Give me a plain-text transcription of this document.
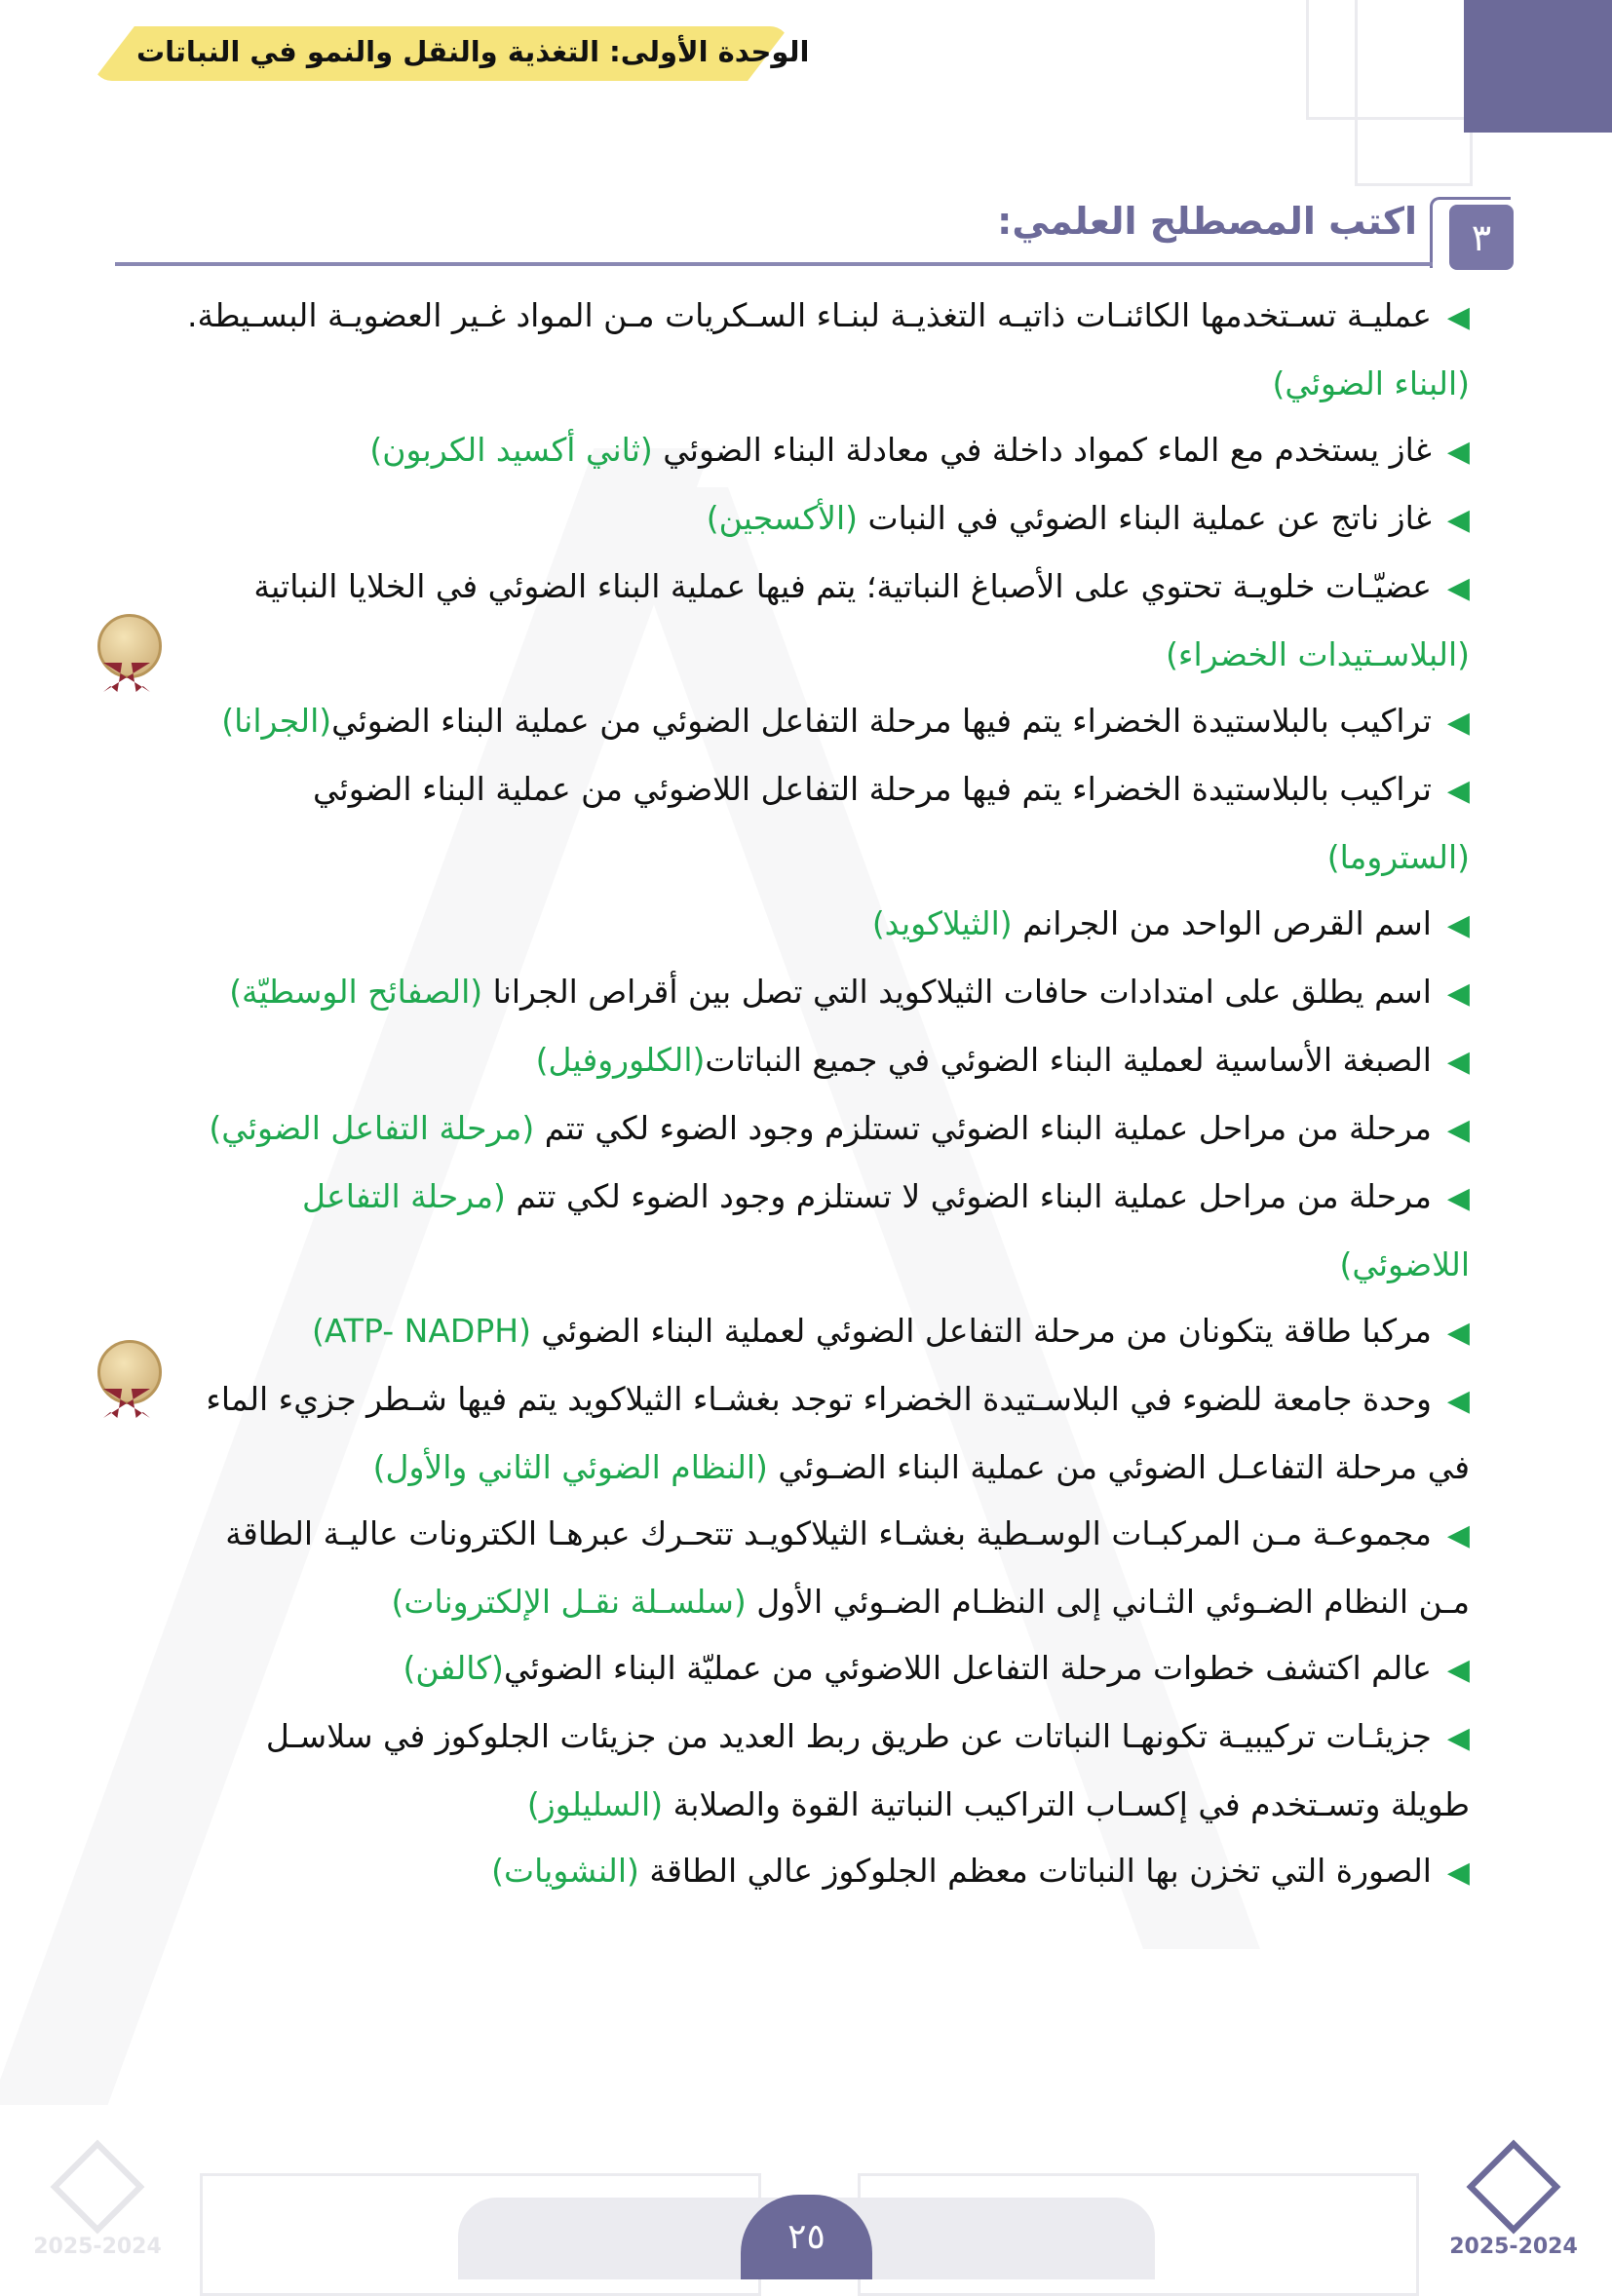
الوحدة الأولى: التغذية والنقل والنمو في النباتات
٣
اكتب المصطلح العلمي:
◀عمليـة تسـتخدمها الكائنـات ذاتيـه التغذيـة لبنـاء السـكريات مـن المواد غـير العضويـة البسـيطة. (البناء الضوئي)
◀غاز يستخدم مع الماء كمواد داخلة في معادلة البناء الضوئي (ثاني أكسيد الكربون)
◀غاز ناتج عن عملية البناء الضوئي في النبات (الأكسجين)
◀عضيّـات خلويـة تحتوي على الأصباغ النباتية؛ يتم فيها عملية البناء الضوئي في الخلايا النباتية (البلاسـتيدات الخضراء)
◀تراكيب بالبلاستيدة الخضراء يتم فيها مرحلة التفاعل الضوئي من عملية البناء الضوئي(الجرانا)
◀تراكيب بالبلاستيدة الخضراء يتم فيها مرحلة التفاعل اللاضوئي من عملية البناء الضوئي (الستروما)
◀اسم القرص الواحد من الجرانم (الثيلاكويد)
◀اسم يطلق على امتدادات حافات الثيلاكويد التي تصل بين أقراص الجرانا (الصفائح الوسطيّة)
◀الصبغة الأساسية لعملية البناء الضوئي في جميع النباتات(الكلوروفيل)
◀مرحلة من مراحل عملية البناء الضوئي تستلزم وجود الضوء لكي تتم (مرحلة التفاعل الضوئي)
◀مرحلة من مراحل عملية البناء الضوئي لا تستلزم وجود الضوء لكي تتم (مرحلة التفاعل اللاضوئي)
◀مركبا طاقة يتكونان من مرحلة التفاعل الضوئي لعملية البناء الضوئي (ATP- NADPH)
◀وحدة جامعة للضوء في البلاسـتيدة الخضراء توجد بغشـاء الثيلاكويد يتم فيها شـطر جزيء الماء في مرحلة التفاعـل الضوئي من عملية البناء الضـوئي (النظام الضوئي الثاني والأول)
◀مجموعـة مـن المركبـات الوسـطية بغشـاء الثيلاكويـد تتحـرك عبرهـا الكترونات عاليـة الطاقة مـن النظام الضـوئي الثـاني إلى النظـام الضـوئي الأول (سلسـلة نقـل الإلكترونات)
◀عالم اكتشف خطوات مرحلة التفاعل اللاضوئي من عمليّة البناء الضوئي(كالفن)
◀جزيئـات تركيبيـة تكونهـا النباتات عن طريق ربط العديد من جزيئات الجلوكوز في سلاسـل طويلة وتسـتخدم في إكسـاب التراكيب النباتية القوة والصلابة (السليلوز)
◀الصورة التي تخزن بها النباتات معظم الجلوكوز عالي الطاقة (النشويات)
٢٥
2025-2024	2025-2024
